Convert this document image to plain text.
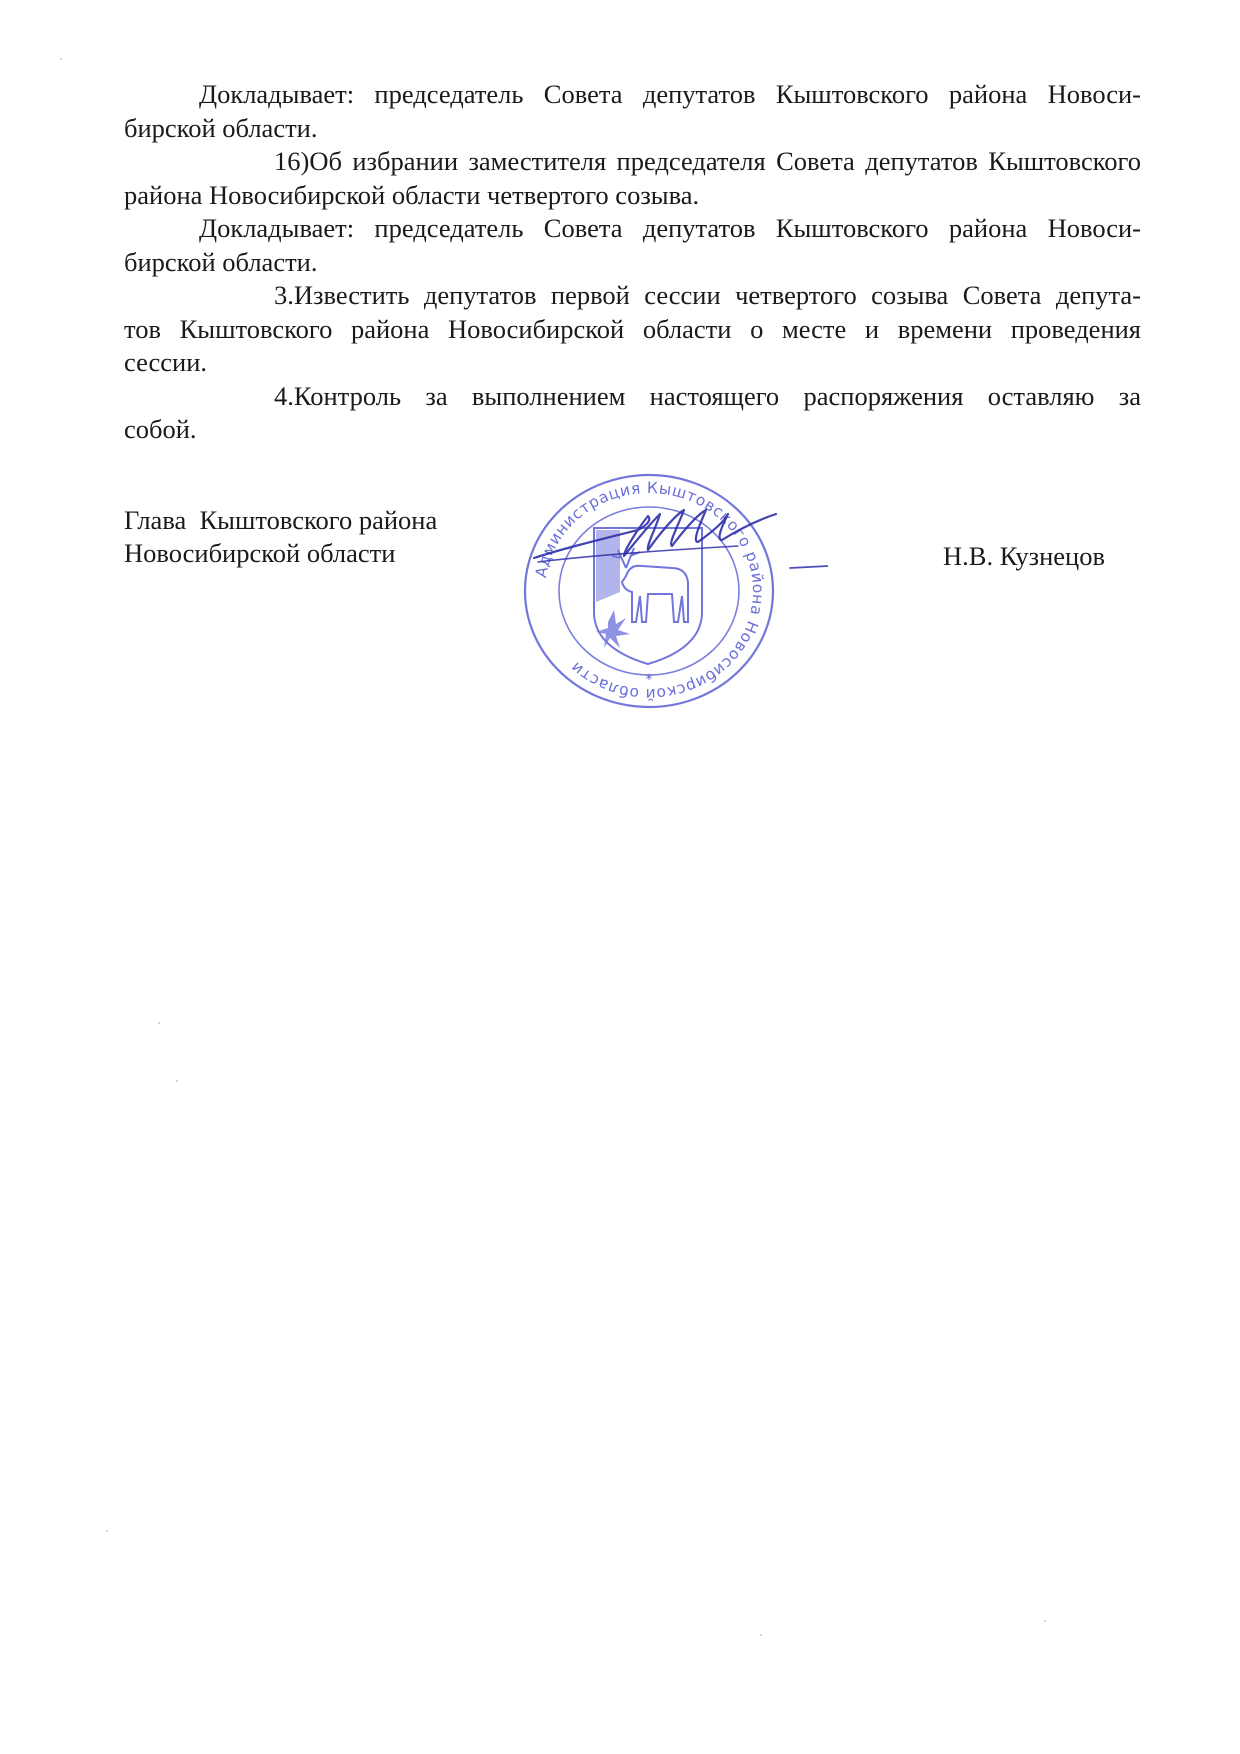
Докладывает: председатель Совета депутатов Кыштовского района Новоси-

бирской области.

16)Об избрании заместителя председателя Совета депутатов Кыштовского

района Новосибирской области четвертого созыва.

Докладывает: председатель Совета депутатов Кыштовского района Новоси-

бирской области.

3.Известить депутатов первой сессии четвертого созыва Совета депута-

тов Кыштовского района Новосибирской области о месте и времени проведения

сессии.

4.Контроль за выполнением настоящего распоряжения оставляю за

собой.

Глава  Кыштовского района
Новосибирской области	Н.В. Кузнецов
Администрация Кыштовского района Новосибирской области
*
